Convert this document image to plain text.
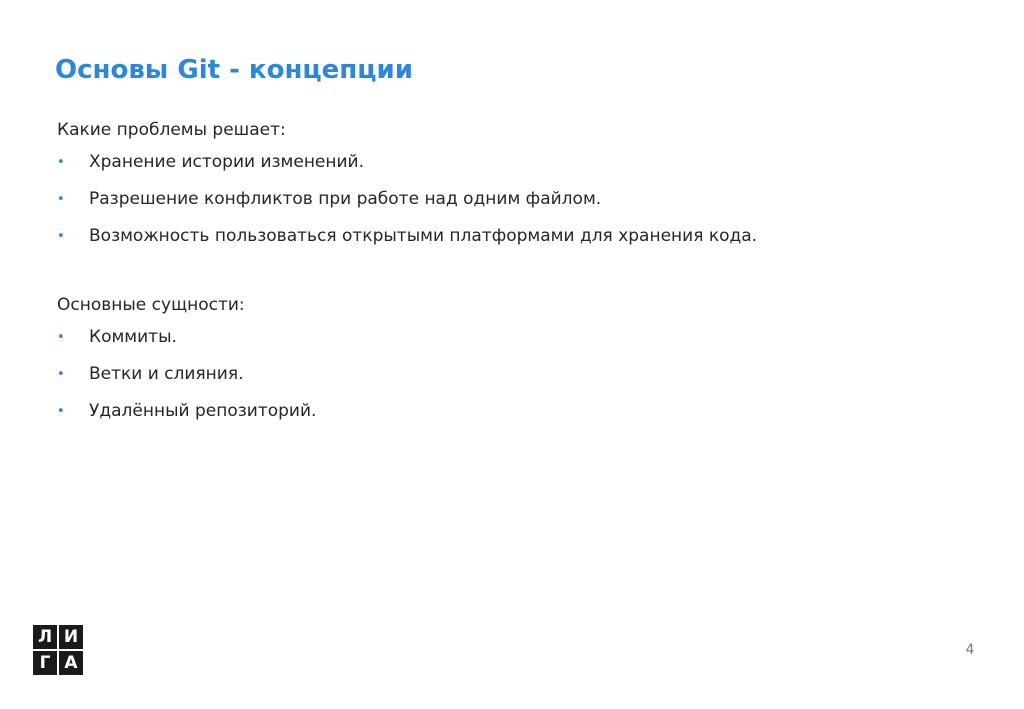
Основы Git - концепции

Какие проблемы решает:

• Хранение истории изменений.
• Разрешение конфликтов при работе над одним файлом.
• Возможность пользоваться открытыми платформами для хранения кода.

Основные сущности:

• Коммиты.
• Ветки и слияния.
• Удалённый репозиторий.
Л И
Г А
4
